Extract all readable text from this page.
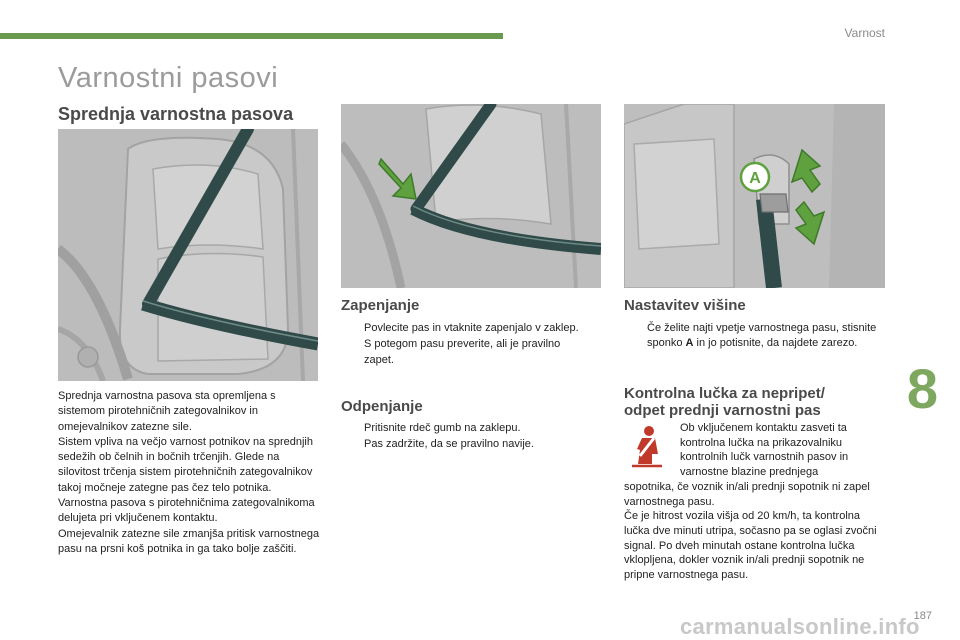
Varnost
Varnostni pasovi
Sprednja varnostna pasova

Sprednja varnostna pasova sta opremljena s sistemom pirotehničnih zategovalnikov in omejevalnikov zatezne sile.

Sistem vpliva na večjo varnost potnikov na sprednjih sedežih ob čelnih in bočnih trčenjih. Glede na silovitost trčenja sistem pirotehničnih zategovalnikov takoj močneje zategne pas čez telo potnika.

Varnostna pasova s pirotehničnima zategovalnikoma delujeta pri vključenem kontaktu.

Omejevalnik zatezne sile zmanjša pritisk varnostnega pasu na prsni koš potnika in ga tako bolje zaščiti.

Zapenjanje
Povlecite pas in vtaknite zapenjalo v zaklep.
S potegom pasu preverite, ali je pravilno zapet.
Odpenjanje
Pritisnite rdeč gumb na zaklepu.
Pas zadržite, da se pravilno navije.
A
Nastavitev višine
Če želite najti vpetje varnostnega pasu, stisnite sponko A in jo potisnite, da najdete zarezo.
Kontrolna lučka za nepripet/
odpet prednji varnostni pas
Ob vključenem kontaktu zasveti ta kontrolna lučka na prikazovalniku kontrolnih lučk varnostnih pasov in varnostne blazine prednjega
sopotnika, če voznik in/ali prednji sopotnik ni zapel varnostnega pasu.
Če je hitrost vozila višja od 20 km/h, ta kontrolna lučka dve minuti utripa, sočasno pa se oglasi zvočni signal. Po dveh minutah ostane kontrolna lučka vklopljena, dokler voznik in/ali prednji sopotnik ne pripne varnostnega pasu.
8
carmanualsonline.info
187
